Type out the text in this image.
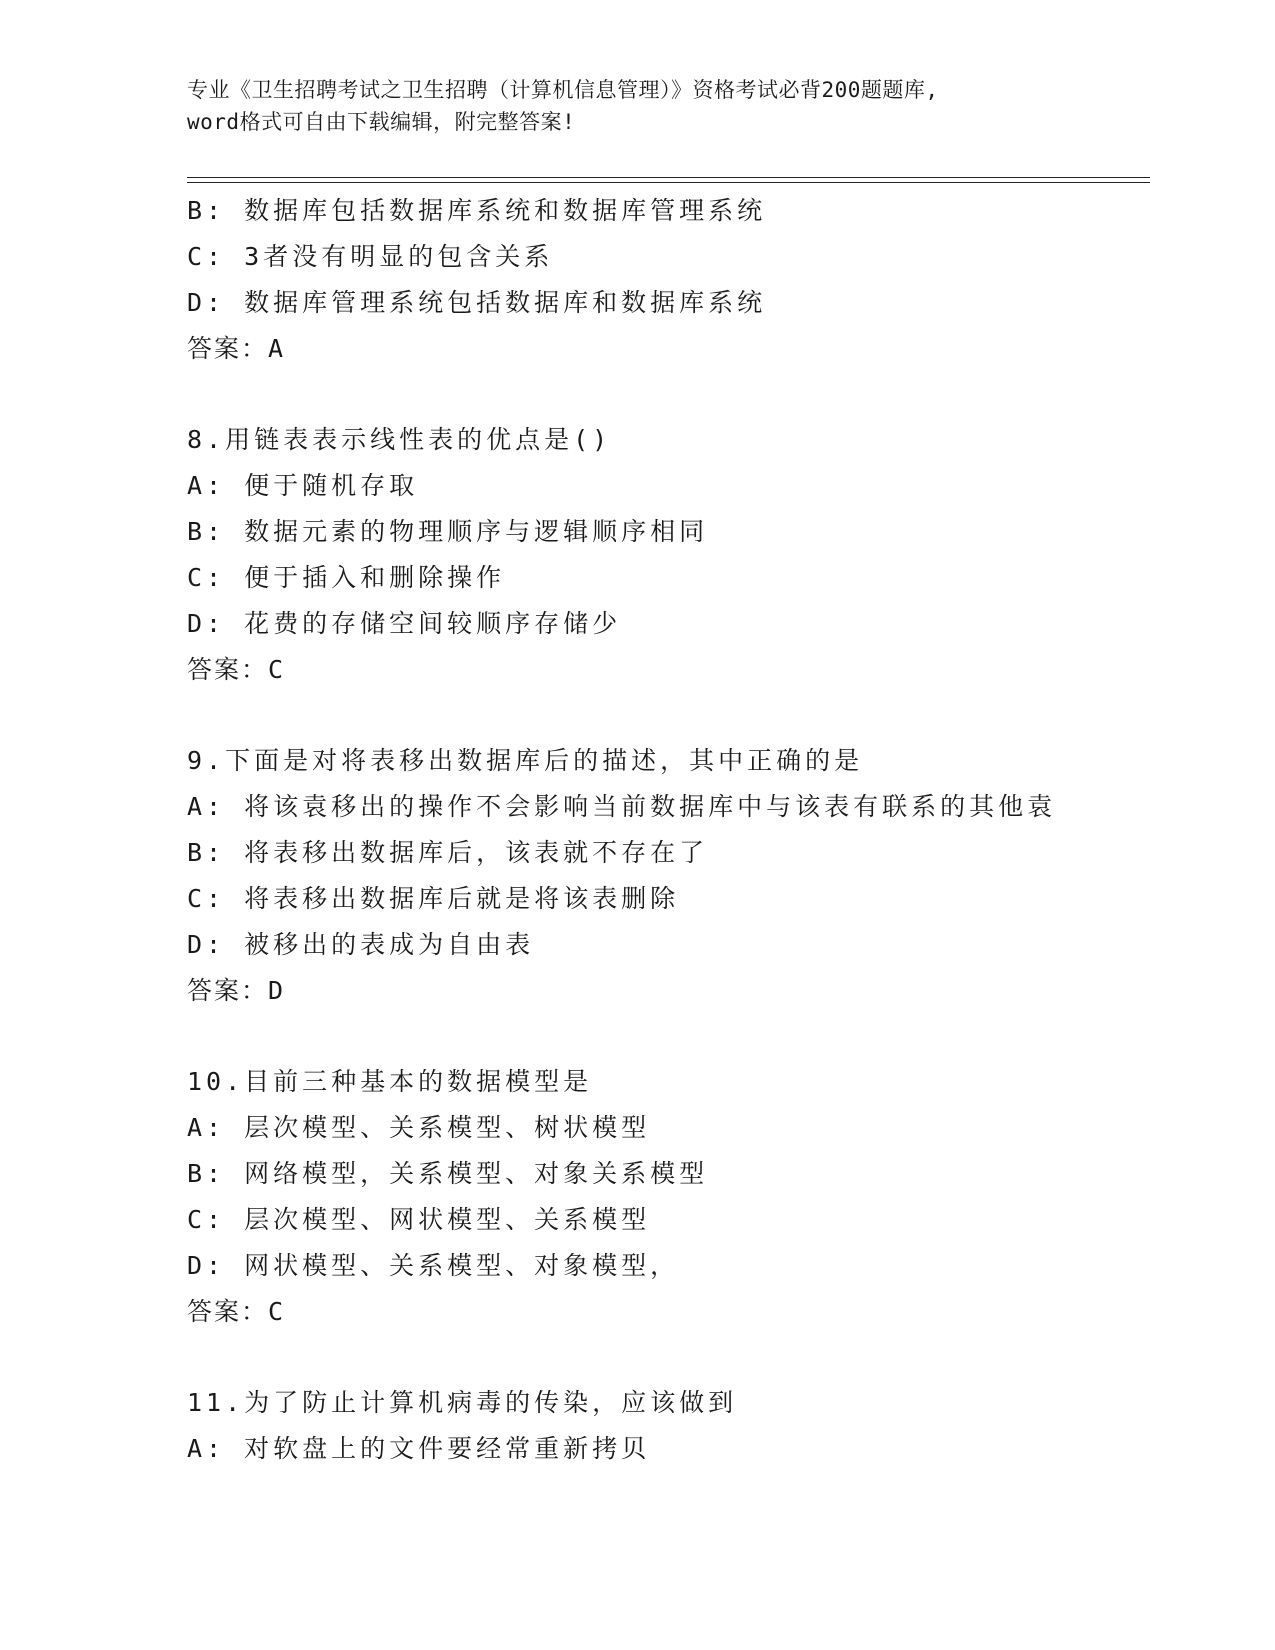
专业《卫生招聘考试之卫生招聘（计算机信息管理）》资格考试必背200题题库,
word格式可自由下载编辑，附完整答案!
B: 数据库包括数据库系统和数据库管理系统
C: 3者没有明显的包含关系
D: 数据库管理系统包括数据库和数据库系统
答案：A
8.用链表表示线性表的优点是()
A: 便于随机存取
B: 数据元素的物理顺序与逻辑顺序相同
C: 便于插入和删除操作
D: 花费的存储空间较顺序存储少
答案：C
9.下面是对将表移出数据库后的描述，其中正确的是
A: 将该袁移出的操作不会影响当前数据库中与该表有联系的其他袁
B: 将表移出数据库后，该表就不存在了
C: 将表移出数据库后就是将该表删除
D: 被移出的表成为自由表
答案：D
10.目前三种基本的数据模型是
A: 层次模型、关系模型、树状模型
B: 网络模型，关系模型、对象关系模型
C: 层次模型、网状模型、关系模型
D: 网状模型、关系模型、对象模型，
答案：C
11.为了防止计算机病毒的传染，应该做到
A: 对软盘上的文件要经常重新拷贝
